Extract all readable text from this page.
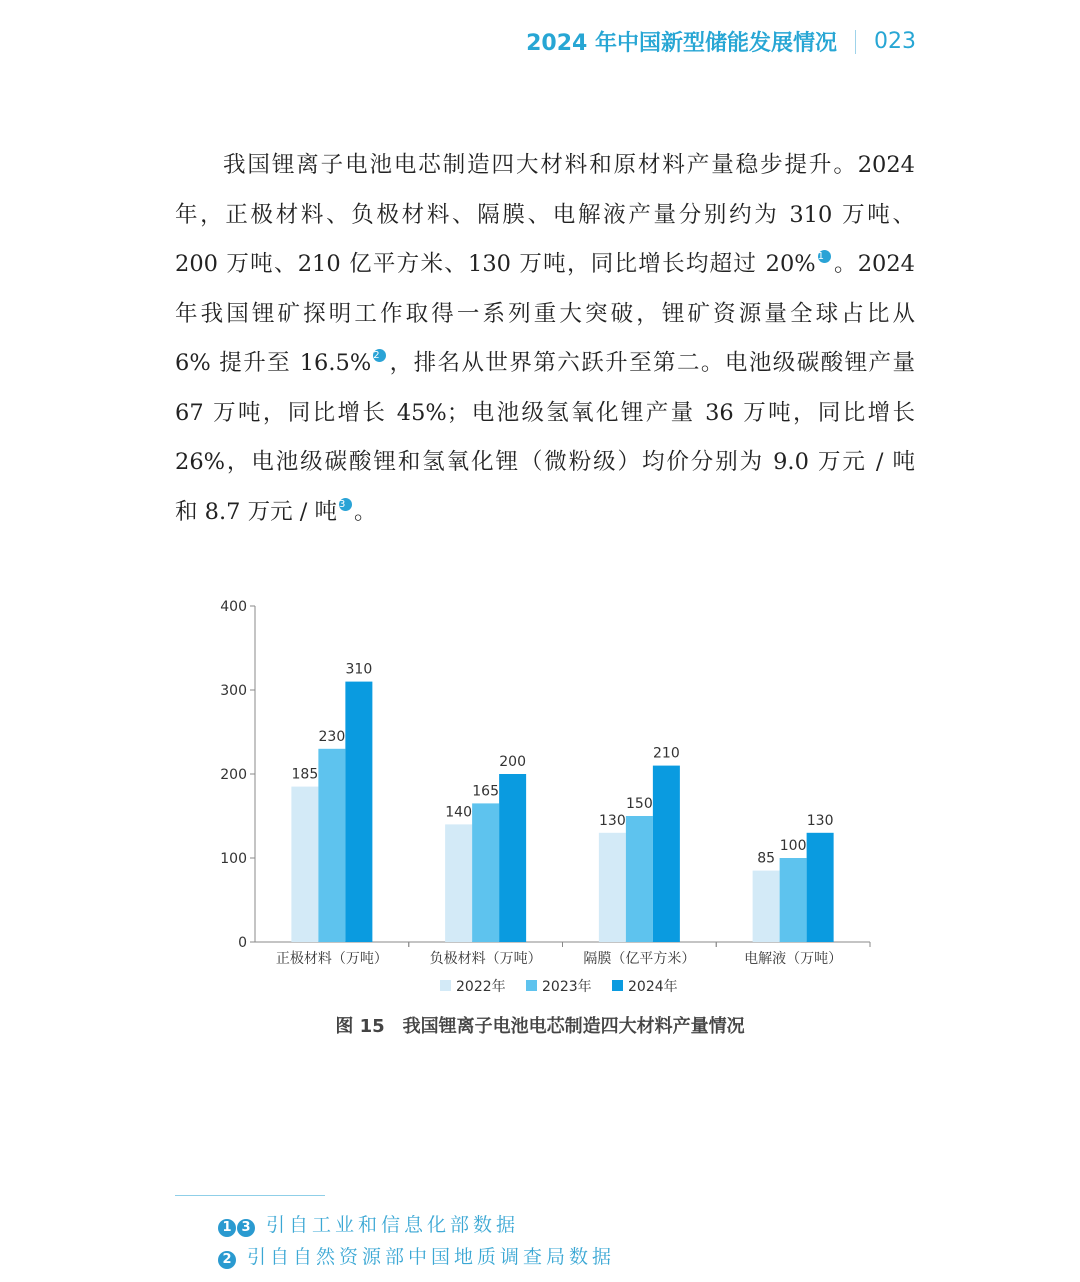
2024 年中国新型储能发展情况 023
我国锂离子电池电芯制造四大材料和原材料产量稳步提升。2024
年，正极材料、负极材料、隔膜、电解液产量分别约为 310 万吨、
200 万吨、210 亿平方米、130 万吨，同比增长均超过 20% 1 。2024
年我国锂矿探明工作取得一系列重大突破，锂矿资源量全球占比从
6% 提升至 16.5% 2 ，排名从世界第六跃升至第二。电池级碳酸锂产量
67 万吨，同比增长 45%；电池级氢氧化锂产量 36 万吨，同比增长
26%，电池级碳酸锂和氢氧化锂（微粉级）均价分别为 9.0 万元 / 吨
和 8.7 万元 / 吨 3 。
0
100
200
300
400
正极材料（万吨）
185
230
310
负极材料（万吨）
140
165
200
隔膜（亿平方米）
130
150
210
电解液（万吨）
85
100
130
2022年	2023年	2024年
图 15 我国锂离子电池电芯制造四大材料产量情况
1 3 引自工业和信息化部数据
2 引自自然资源部中国地质调查局数据
